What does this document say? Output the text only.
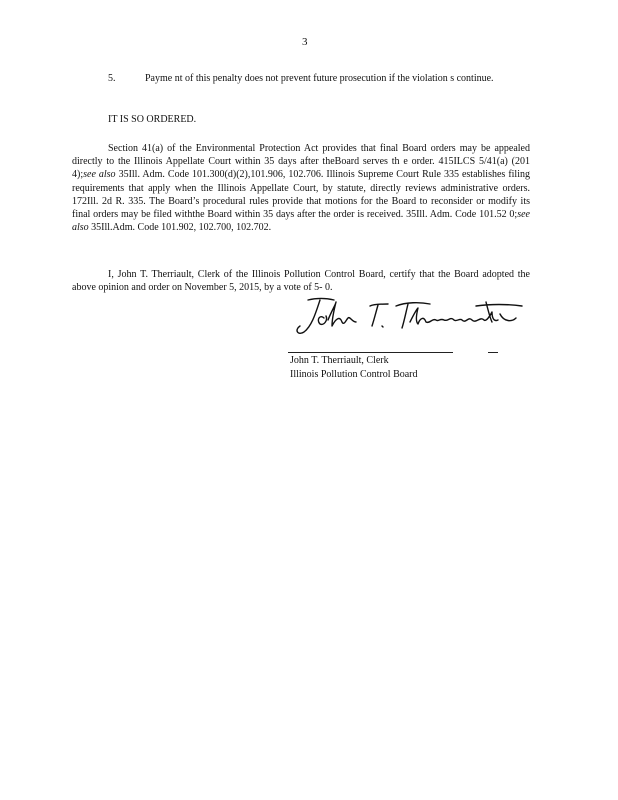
3
5.	Payme nt of this penalty does not prevent future prosecution if the violation s continue.
IT IS SO ORDERED.
Section 41(a) of the Environmental Protection Act provides that final Board orders may be appealed directly to the Illinois Appellate Court within 35 days after theBoard serves th e order. 415ILCS 5/41(a) (201 4);see also 35Ill. Adm. Code 101.300(d)(2),101.906, 102.706. Illinois Supreme Court Rule 335 establishes filing requirements that apply when the Illinois Appellate Court, by statute, directly reviews administrative orders. 172Ill. 2d R. 335. The Board’s procedural rules provide that motions for the Board to reconsider or modify its final orders may be filed withthe Board within 35 days after the order is received. 35Ill. Adm. Code 101.52 0;see also 35Ill.Adm. Code 101.902, 102.700, 102.702.
I, John T. Therriault, Clerk of the Illinois Pollution Control Board, certify that the Board adopted the above opinion and order on November 5, 2015, by a vote of 5- 0.
John T. Therriault, Clerk
Illinois Pollution Control Board
